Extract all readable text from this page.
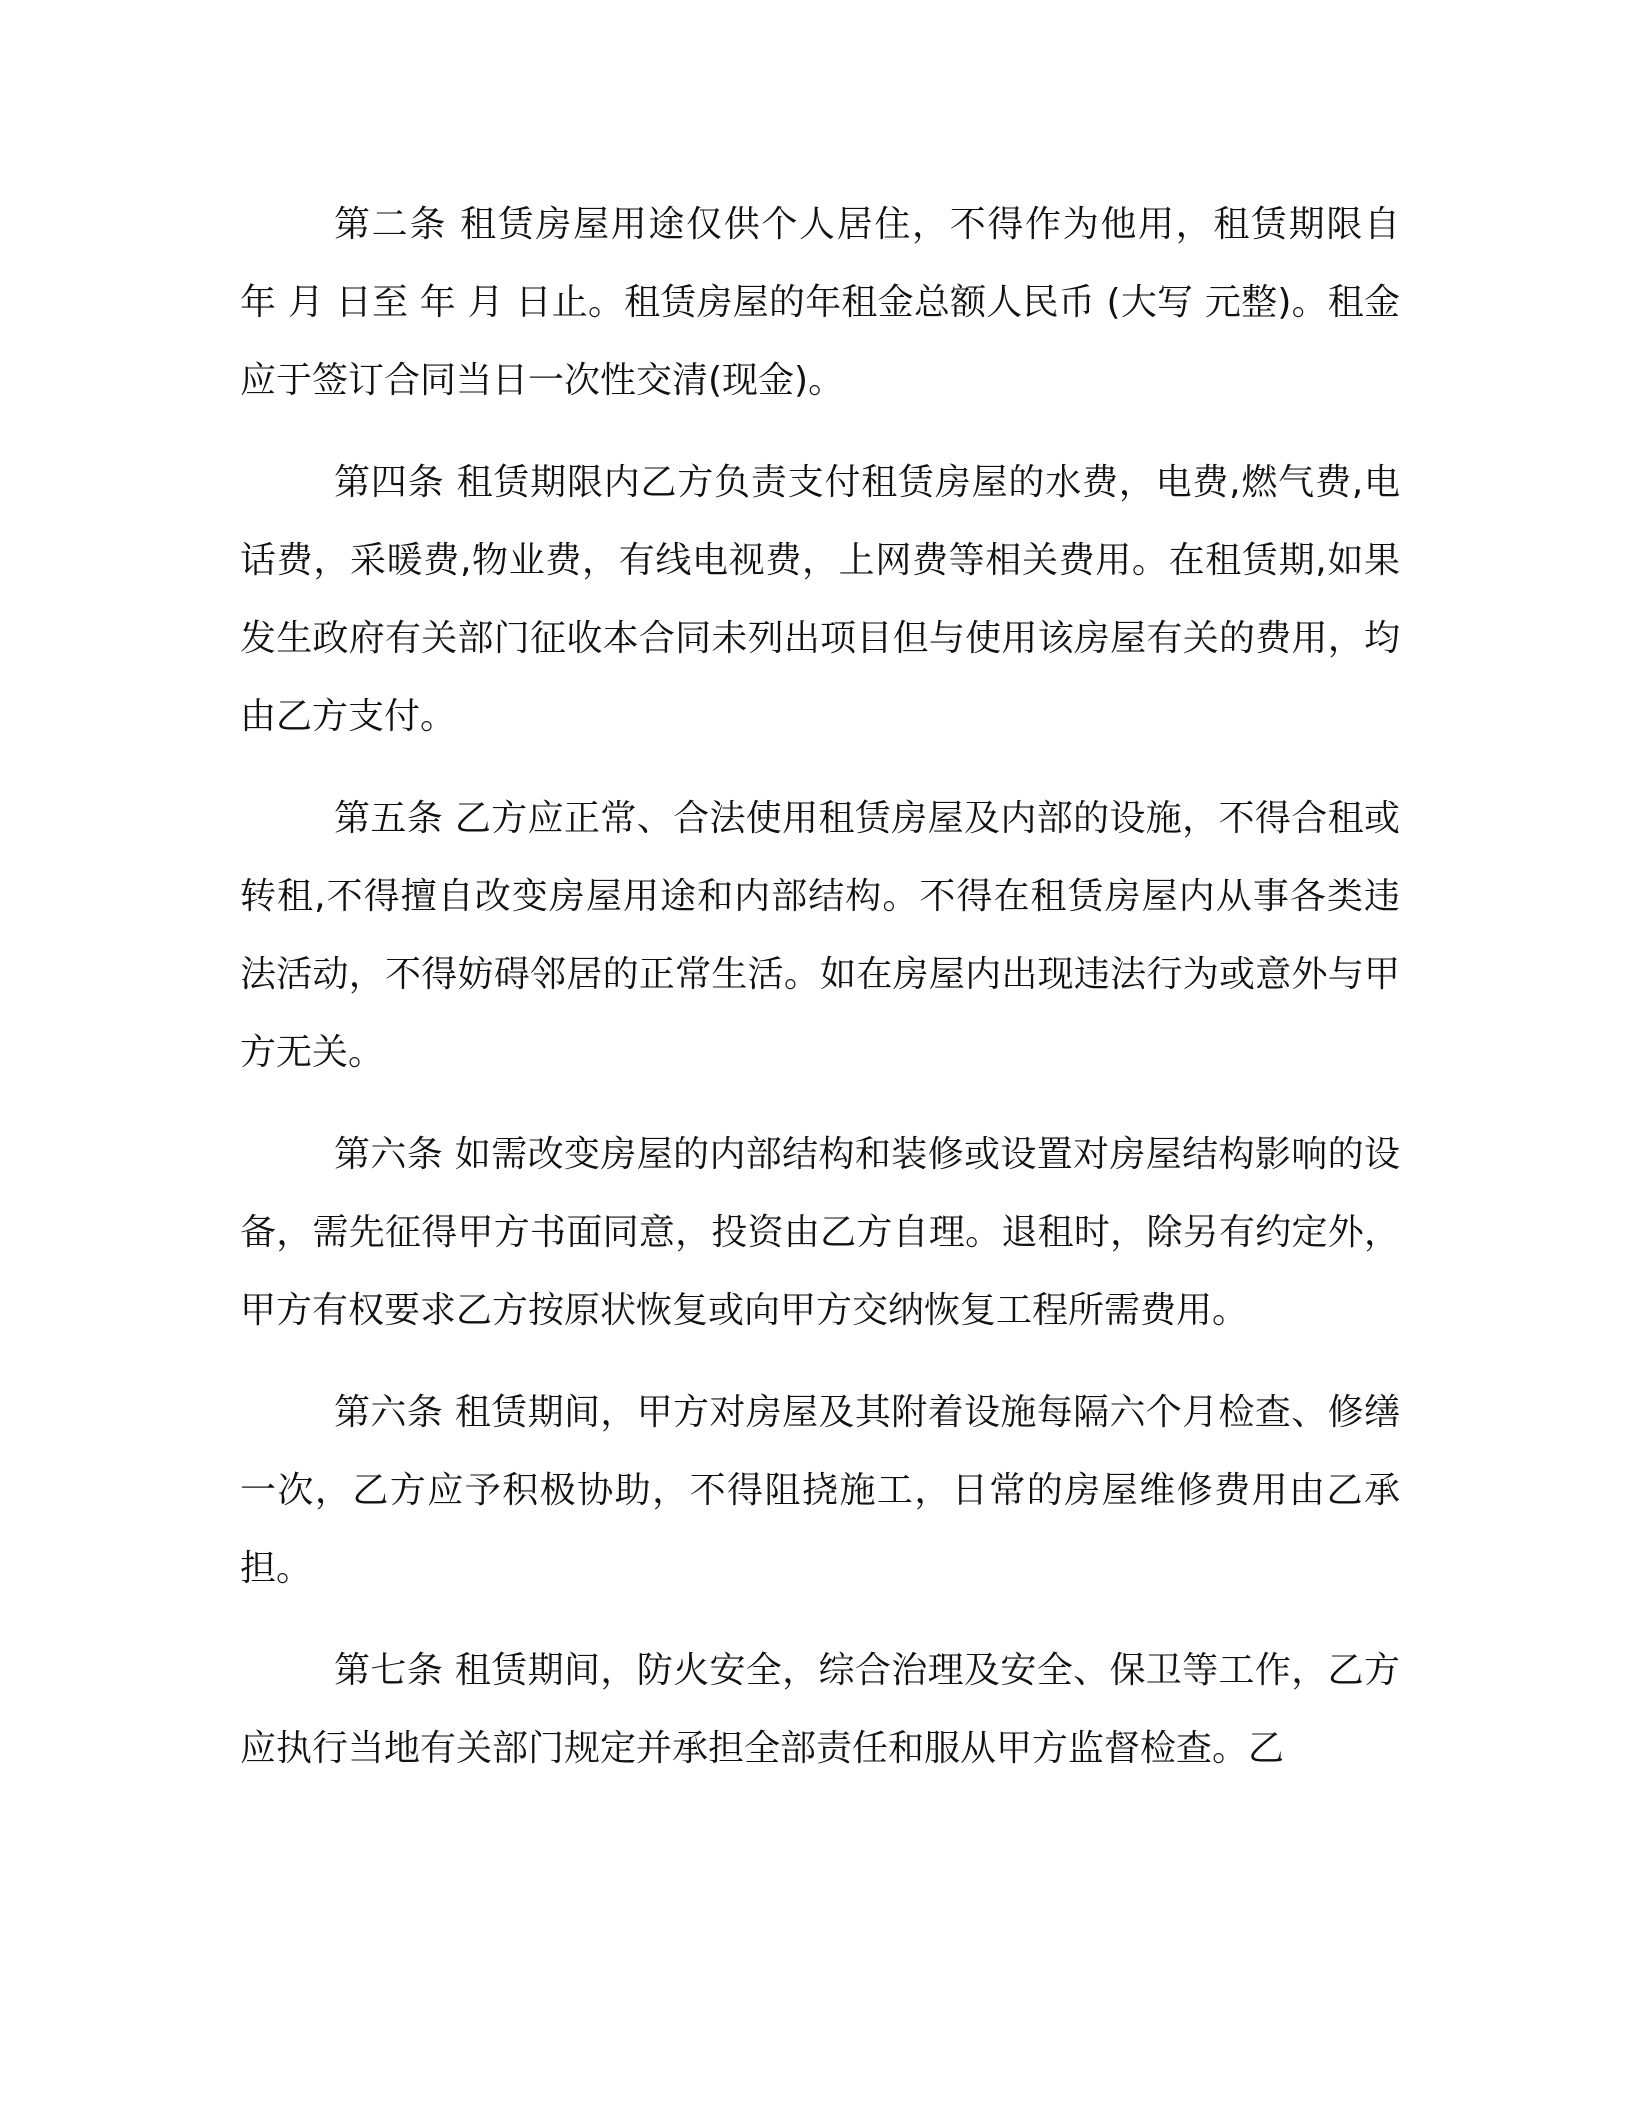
第二条 租赁房屋用途仅供个人居住，不得作为他用，租赁期限自 年 月 日至 年 月 日止。租赁房屋的年租金总额人民币 (大写 元整)。租金应于签订合同当日一次性交清(现金)。

第四条 租赁期限内乙方负责支付租赁房屋的水费，电费,燃气费,电话费，采暖费,物业费，有线电视费，上网费等相关费用。在租赁期,如果发生政府有关部门征收本合同未列出项目但与使用该房屋有关的费用，均由乙方支付。

第五条 乙方应正常、合法使用租赁房屋及内部的设施，不得合租或转租,不得擅自改变房屋用途和内部结构。不得在租赁房屋内从事各类违法活动，不得妨碍邻居的正常生活。如在房屋内出现违法行为或意外与甲方无关。

第六条 如需改变房屋的内部结构和装修或设置对房屋结构影响的设备，需先征得甲方书面同意，投资由乙方自理。退租时，除另有约定外，甲方有权要求乙方按原状恢复或向甲方交纳恢复工程所需费用。

第六条 租赁期间，甲方对房屋及其附着设施每隔六个月检查、修缮一次，乙方应予积极协助，不得阻挠施工，日常的房屋维修费用由乙承担。

第七条 租赁期间，防火安全，综合治理及安全、保卫等工作，乙方应执行当地有关部门规定并承担全部责任和服从甲方监督检查。乙
